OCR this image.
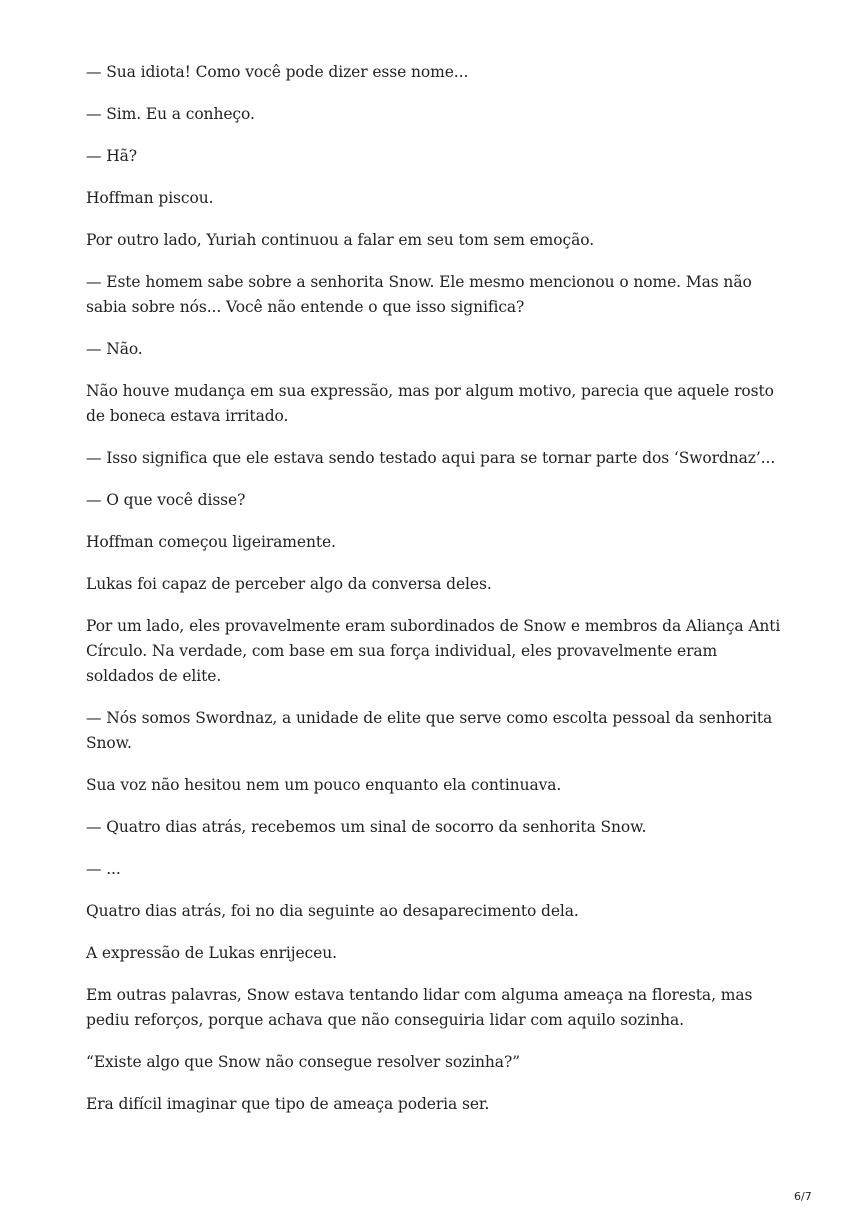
— Sua idiota! Como você pode dizer esse nome...

— Sim. Eu a conheço.

— Hã?

Hoffman piscou.

Por outro lado, Yuriah continuou a falar em seu tom sem emoção.

— Este homem sabe sobre a senhorita Snow. Ele mesmo mencionou o nome. Mas não sabia sobre nós... Você não entende o que isso significa?

— Não.

Não houve mudança em sua expressão, mas por algum motivo, parecia que aquele rosto de boneca estava irritado.

— Isso significa que ele estava sendo testado aqui para se tornar parte dos ‘Swordnaz’...

— O que você disse?

Hoffman começou ligeiramente.

Lukas foi capaz de perceber algo da conversa deles.

Por um lado, eles provavelmente eram subordinados de Snow e membros da Aliança Anti Círculo. Na verdade, com base em sua força individual, eles provavelmente eram soldados de elite.

— Nós somos Swordnaz, a unidade de elite que serve como escolta pessoal da senhorita Snow.

Sua voz não hesitou nem um pouco enquanto ela continuava.

— Quatro dias atrás, recebemos um sinal de socorro da senhorita Snow.

— ...

Quatro dias atrás, foi no dia seguinte ao desaparecimento dela.

A expressão de Lukas enrijeceu.

Em outras palavras, Snow estava tentando lidar com alguma ameaça na floresta, mas pediu reforços, porque achava que não conseguiria lidar com aquilo sozinha.

“Existe algo que Snow não consegue resolver sozinha?”

Era difícil imaginar que tipo de ameaça poderia ser.

6/7
